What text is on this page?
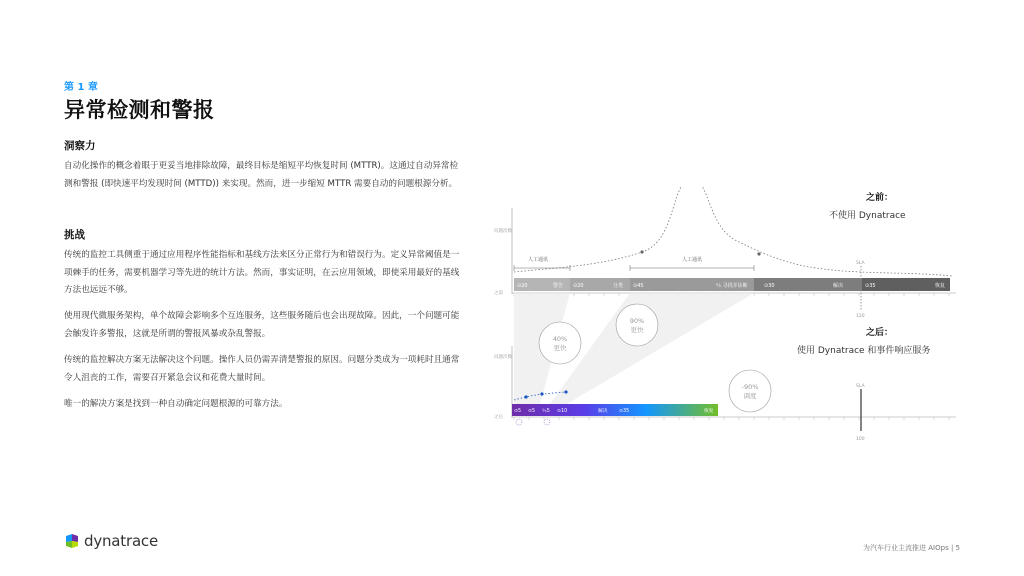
第 1 章
异常检测和警报
洞察力
自动化操作的概念着眼于更妥当地排除故障，最终目标是缩短平均恢复时间 (MTTR)。这通过自动异常检测和警报 (即快速平均发现时间 (MTTD)) 来实现。然而，进一步缩短 MTTR 需要自动的问题根源分析。
挑战
传统的监控工具侧重于通过应用程序性能指标和基线方法来区分正常行为和错误行为。定义异常阈值是一项棘手的任务，需要机器学习等先进的统计方法。然而，事实证明，在云应用领域，即使采用最好的基线方法也远远不够。
使用现代微服务架构，单个故障会影响多个互连服务，这些服务随后也会出现故障。因此，一个问题可能会触发许多警报，这就是所谓的警报风暴或杂乱警报。
传统的监控解决方案无法解决这个问题。操作人员仍需弄清楚警报的原因。问题分类成为一项耗时且通常令人沮丧的工作，需要召开紧急会议和花费大量时间。
唯一的解决方案是找到一种自动确定问题根源的可靠方法。
dynatrace	为汽车行业主流推进 AIOps | 5
之前：
不使用 Dynatrace
之后：
使用 Dynatrace 和事件响应服务
问题次数
之前
人工通讯	人工通讯
SLA
120
⊙20	警告 ⊙20	分类 ⊙45	％ 寻找并诊断	⊙30	解决	⊙35	恢复
40%
更快
90%
更快
-90%
调度
问题次数
之后
⊙5 ⊙5 ％5 ⊙10	解决 ⊙35	恢复
SLA
100
